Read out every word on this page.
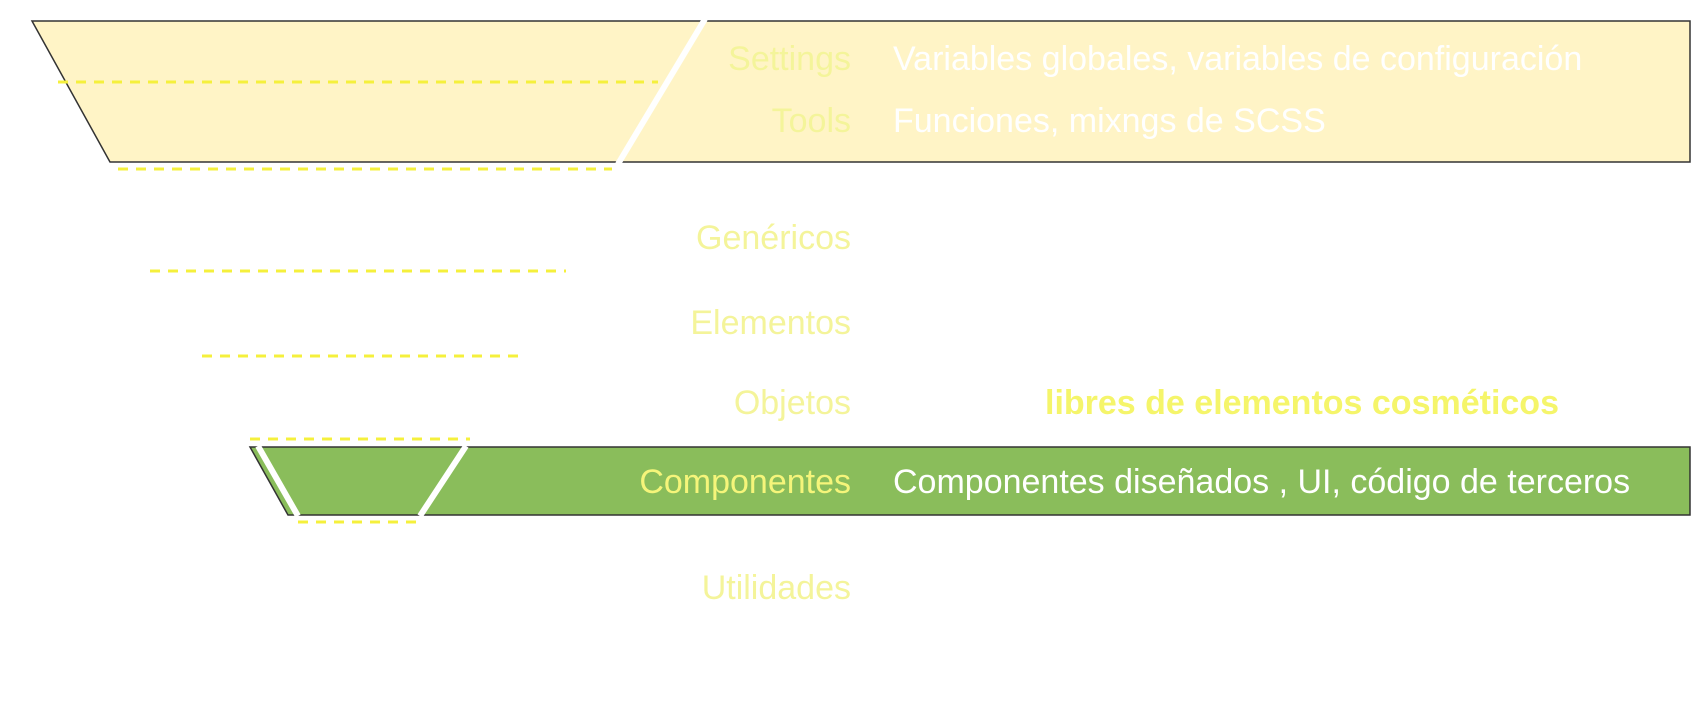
Settings
Tools
Genéricos
Elementos
Objetos
Componentes
Utilidades
Variables globales, variables de configuración
Funciones, mixngs de SCSS
libres de elementos cosméticos
Componentes diseñados , UI, código de terceros
